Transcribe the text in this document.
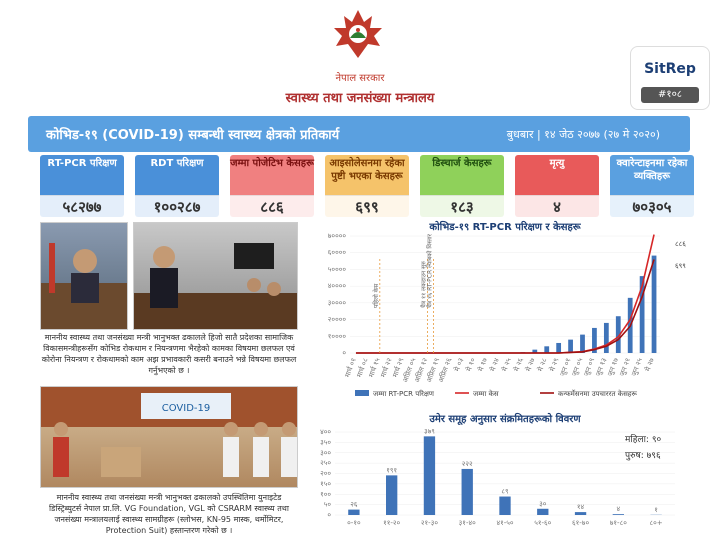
नेपाल सरकार
स्वास्थ्य तथा जनसंख्या मन्त्रालय
SitRep
#१०८
कोभिड-१९ (COVID-19) सम्बन्धी स्वास्थ्य क्षेत्रको प्रतिकार्य	बुधबार | १४ जेठ २०७७ (२७ मे २०२०)
RT-PCR परिक्षण
५८२७७
RDT परिक्षण
१००२८७
जम्मा पोजेटिभ केसहरू
८८६
आइसोलेसनमा रहेका पुष्टी भएका केसहरू
६९९
डिस्चार्ज केसहरू
१८३
मृत्यु
४
क्वारेन्टाइनमा रहेका व्यक्तिहरू
७०३०५
माननीय स्वास्थ्य तथा जनसंख्या मन्त्री भानुभक्त ढकालले हिजो सातै प्रदेशका सामाजिक विकासमन्त्रीहरूसँग कोभिड रोकथाम र नियन्त्रणमा भैरहेको कामका विषयमा छलफल एवं कोरोना नियन्त्रण र रोकथामको काम अझ प्रभावकारी कसरी बनाउने भन्ने विषयमा छलफल गर्नुभएको छ ।
COVID-19
माननीय स्वास्थ्य तथा जनसंख्या मन्त्री भानुभक्त ढकालको उपस्थितिमा युनाइटेड डिस्ट्रिब्युटर्स नेपाल प्रा.लि. VG Foundation, VGL को CSRARM स्वास्थ्य तथा जनसंख्या मन्त्रालयलाई स्वास्थ्य सामग्रीहरू (स्लोभस, KN-95 मास्क, थर्मोमिटर, Protection Suit) हस्तान्तरण गरेको छ ।
कोभिड-१९ RT-PCR परिक्षण र केसहरू
०
१००००
२००००
३००००
४००००
५००००
६००००
७००००
मार्च ०१
मार्च ०८
मार्च १५
मार्च २२
मार्च २९
अप्रिल ०५
अप्रिल १२
अप्रिल १९
अप्रिल २६ मे ०३ मे १० मे १७ मे २४ मे २५ मे २६ मे २७ मे २८ मे २९
जुन ०१
जुन ०५
जुन ०९
जुन १३
जुन १७
जुन २१
जुन २५ मे २७
८८६
६९९
पहिलो केस	चैत्र ११ लकडाउन सुरु
चैत्र १६ RT-PCR ल्याबको विस्तार
जम्मा RT-PCR परिक्षण	जम्मा केस	कन्फर्मेसनमा उपचाररत केसहरू
उमेर समूह अनुसार संक्रमितहरूको विवरण
०
५०
१००
१५०
२००
२५०
३००
३५०
४००
२६
०-१०
१९१
११-२०
३७९
२१-३०
२२२
३१-४०
८९
४१-५०
३०
५१-६०
१४
६१-७०
४
७१-८०
१
८०+
महिला: ९०
पुरुष: ७९६
